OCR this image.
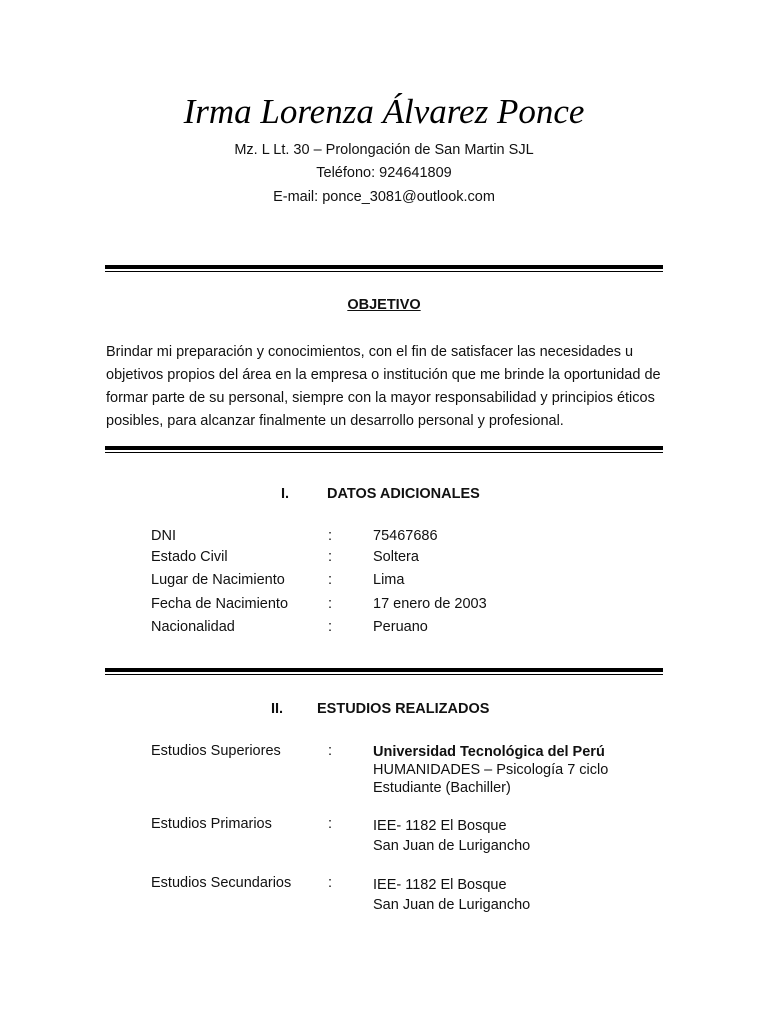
Irma Lorenza Álvarez Ponce
Mz. L Lt. 30 – Prolongación de San Martin SJL
Teléfono: 924641809
E-mail: ponce_3081@outlook.com
OBJETIVO
Brindar mi preparación y conocimientos, con el fin de satisfacer las necesidades u objetivos propios del área en la empresa o institución que me brinde la oportunidad de formar parte de su personal, siempre con la mayor responsabilidad y principios éticos posibles, para alcanzar finalmente un desarrollo personal y profesional.
I.	DATOS ADICIONALES
DNI	:	75467686
Estado Civil	:	Soltera
Lugar de Nacimiento	:	Lima
Fecha de Nacimiento	:	17 enero de 2003
Nacionalidad	:	Peruano
II. ESTUDIOS REALIZADOS
Estudios Superiores	:	Universidad Tecnológica del Perú
HUMANIDADES – Psicología 7 ciclo
Estudiante (Bachiller)
Estudios Primarios	:	IEE- 1182 El Bosque
San Juan de Lurigancho
Estudios Secundarios	:	IEE- 1182 El Bosque
San Juan de Lurigancho
